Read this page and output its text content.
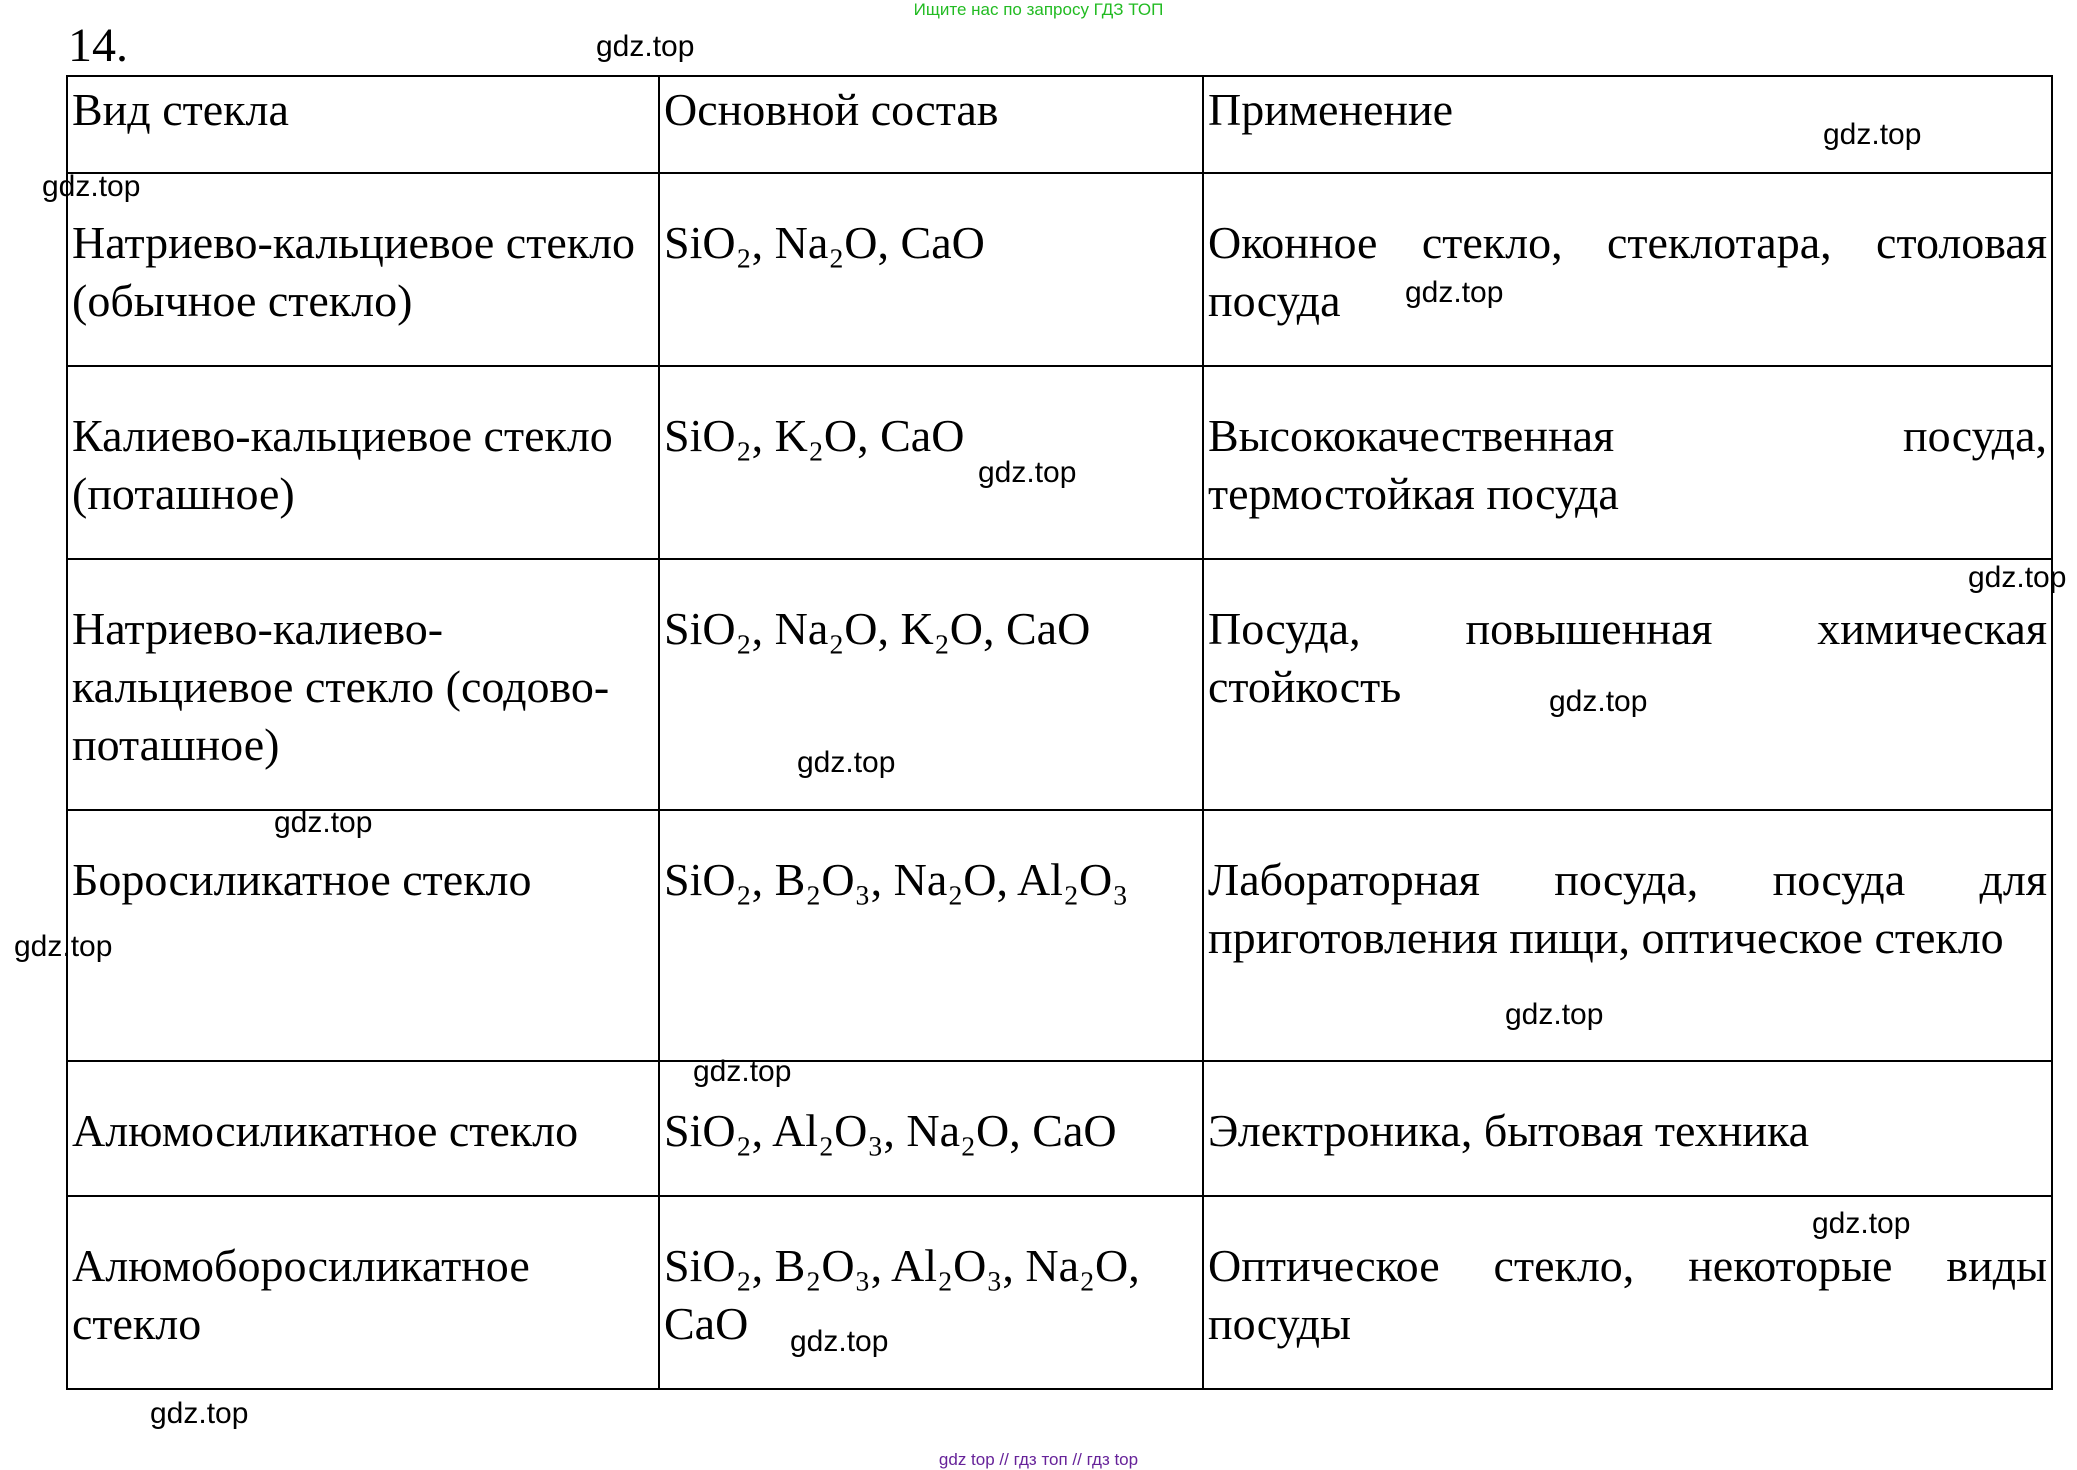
Ищите нас по запросу ГДЗ ТОП
14.
Вид стекла	Основной состав	Применение
Натриево-кальциевое стекло (обычное стекло)	SiO₂, Na₂O, CaO	Оконное стекло, стеклотара, столовая посуда
Калиево-кальциевое стекло (поташное)	SiO₂, K₂O, CaO	Высококачественная посуда, термостойкая посуда
Натриево-калиево-кальциевое стекло (содово-поташное)	SiO₂, Na₂O, K₂O, CaO	Посуда, повышенная химическая стойкость
Боросиликатное стекло	SiO₂, B₂O₃, Na₂O, Al₂O₃	Лабораторная посуда, посуда для приготовления пищи, оптическое стекло
Алюмосиликатное стекло	SiO₂, Al₂O₃, Na₂O, CaO	Электроника, бытовая техника
Алюмоборосиликатное стекло	SiO₂, B₂O₃, Al₂O₃, Na₂O, CaO	Оптическое стекло, некоторые виды посуды
gdz.top
gdz.top
gdz.top
gdz.top
gdz.top
gdz.top
gdz.top
gdz.top
gdz.top
gdz.top
gdz.top
gdz.top
gdz.top
gdz.top
gdz.top
gdz top // гдз топ // гдз top
